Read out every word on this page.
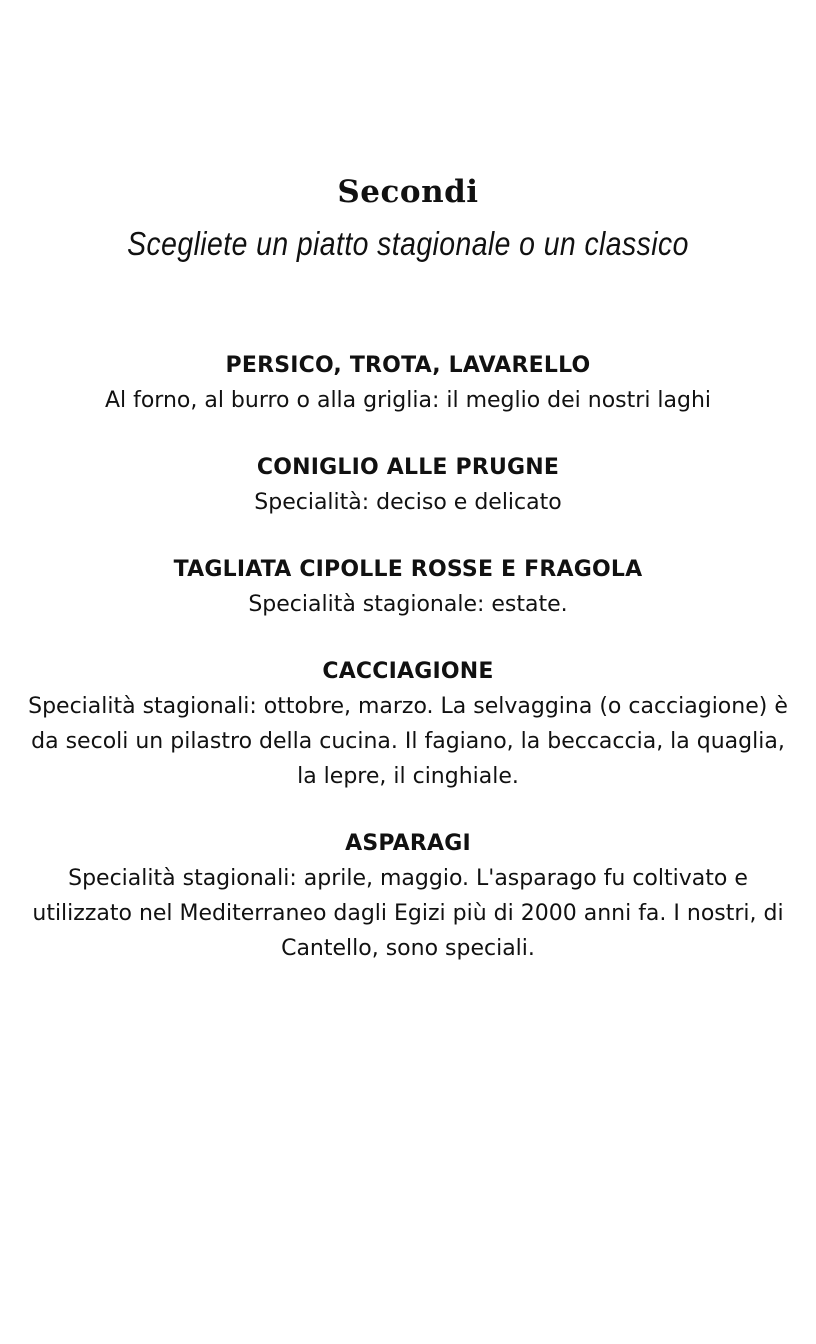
Secondi
Scegliete un piatto stagionale o un classico
PERSICO, TROTA, LAVARELLO
Al forno, al burro o alla griglia: il meglio dei nostri laghi
CONIGLIO ALLE PRUGNE
Specialità: deciso e delicato
TAGLIATA CIPOLLE ROSSE E FRAGOLA
Specialità stagionale: estate.
CACCIAGIONE
Specialità stagionali: ottobre, marzo. La selvaggina (o cacciagione) è da secoli un pilastro della cucina. Il fagiano, la beccaccia, la quaglia, la lepre, il cinghiale.
ASPARAGI
Specialità stagionali: aprile, maggio. L'asparago fu coltivato e utilizzato nel Mediterraneo dagli Egizi più di 2000 anni fa. I nostri, di Cantello, sono speciali.
